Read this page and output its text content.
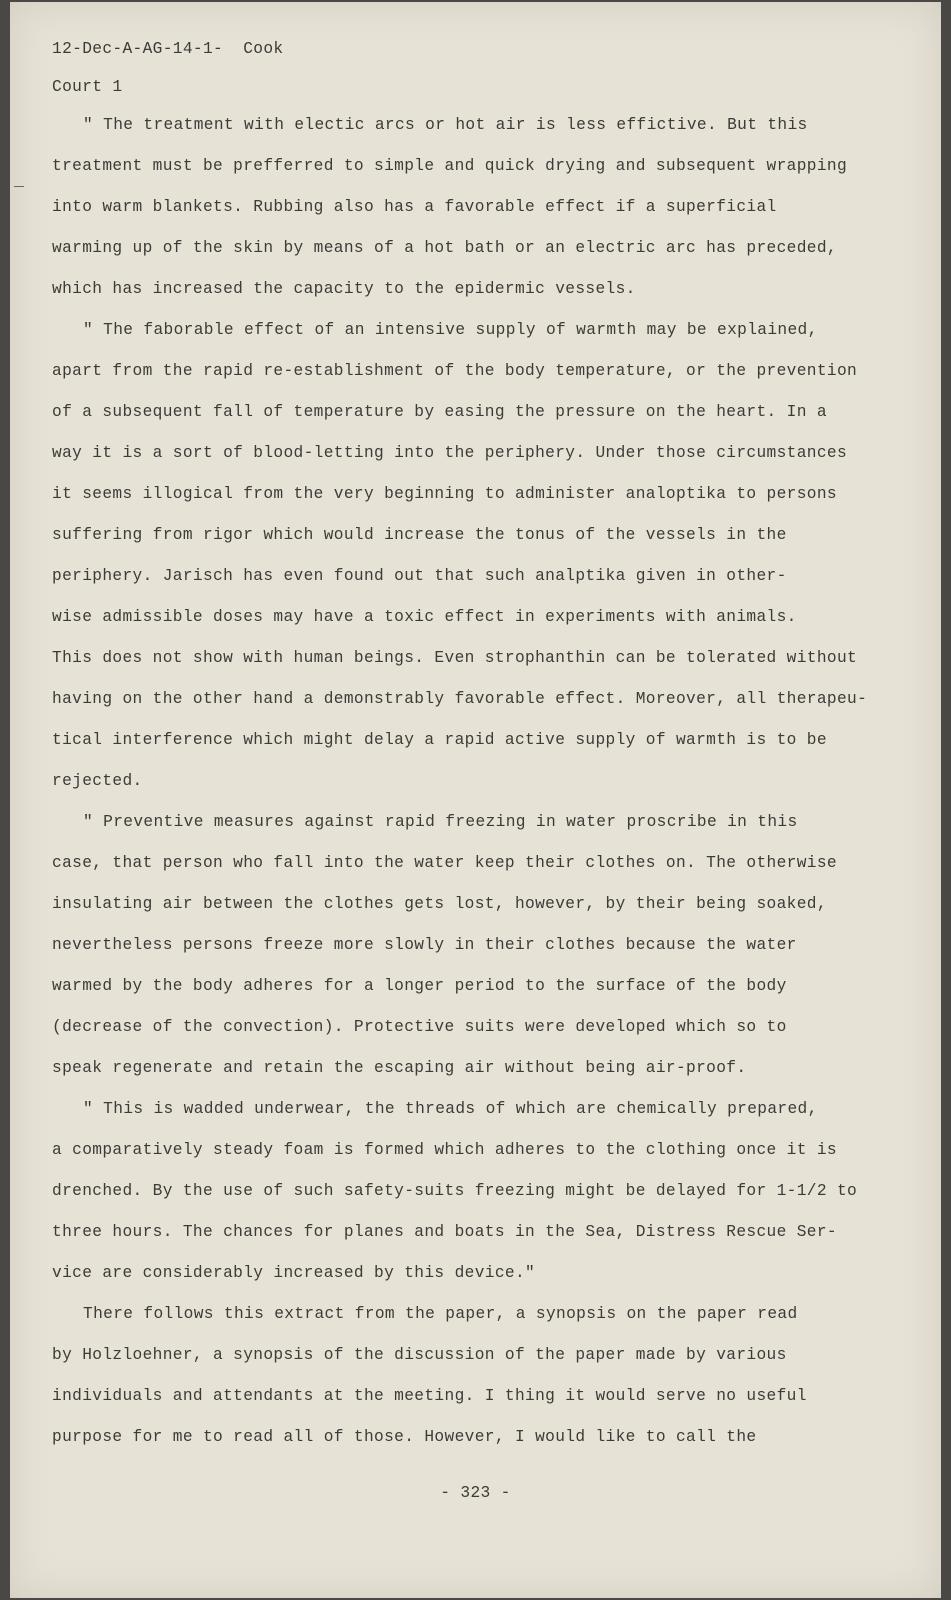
12-Dec-A-AG-14-1-  Cook
Court 1
" The treatment with electic arcs or hot air is less effictive. But this
treatment must be prefferred to simple and quick drying and subsequent wrapping
into warm blankets. Rubbing also has a favorable effect if a superficial
warming up of the skin by means of a hot bath or an electric arc has preceded,
which has increased the capacity to the epidermic vessels.
" The faborable effect of an intensive supply of warmth may be explained,
apart from the rapid re-establishment of the body temperature, or the prevention
of a subsequent fall of temperature by easing the pressure on the heart. In a
way it is a sort of blood-letting into the periphery. Under those circumstances
it seems illogical from the very beginning to administer analoptika to persons
suffering from rigor which would increase the tonus of the vessels in the
periphery. Jarisch has even found out that such analptika given in other-
wise admissible doses may have a toxic effect in experiments with animals.
This does not show with human beings. Even strophanthin can be tolerated without
having on the other hand a demonstrably favorable effect. Moreover, all therapeu-
tical interference which might delay a rapid active supply of warmth is to be
rejected.
" Preventive measures against rapid freezing in water proscribe in this
case, that person who fall into the water keep their clothes on. The otherwise
insulating air between the clothes gets lost, however, by their being soaked,
nevertheless persons freeze more slowly in their clothes because the water
warmed by the body adheres for a longer period to the surface of the body
(decrease of the convection). Protective suits were developed which so to
speak regenerate and retain the escaping air without being air-proof.
" This is wadded underwear, the threads of which are chemically prepared,
a comparatively steady foam is formed which adheres to the clothing once it is
drenched. By the use of such safety-suits freezing might be delayed for 1-1/2 to
three hours. The chances for planes and boats in the Sea, Distress Rescue Ser-
vice are considerably increased by this device."
There follows this extract from the paper, a synopsis on the paper read
by Holzloehner, a synopsis of the discussion of the paper made by various
individuals and attendants at the meeting. I thing it would serve no useful
purpose for me to read all of those. However, I would like to call the
- 323 -
